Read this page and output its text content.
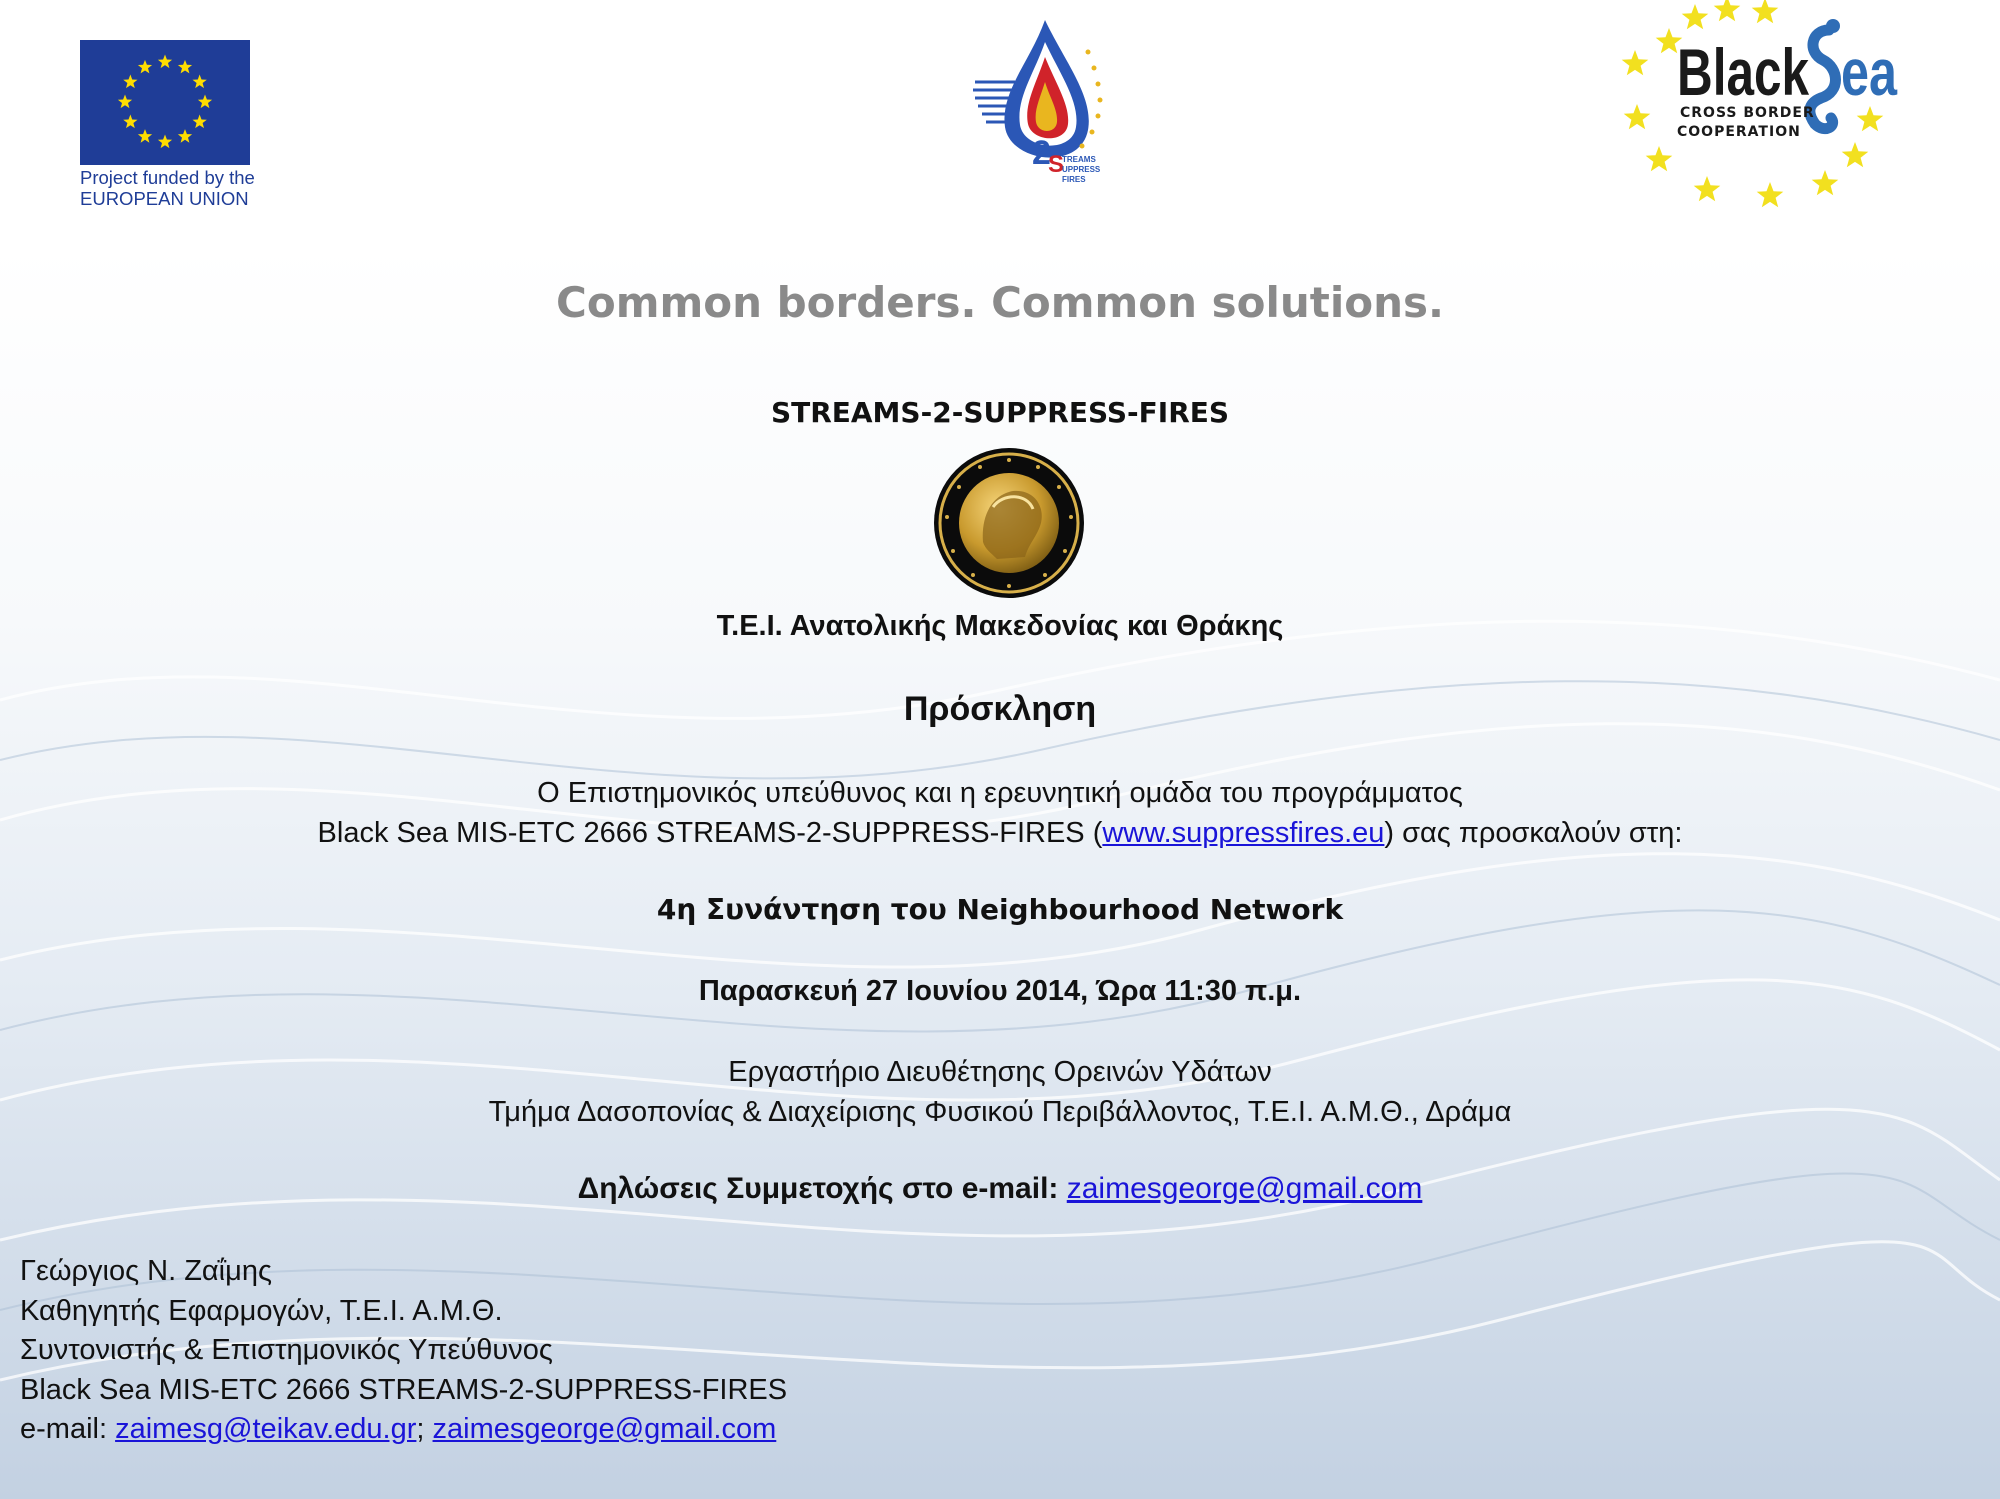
Project funded by the
EUROPEAN UNION
2
S
TREAMS
UPPRESS
FIRES
Black ea
CROSS BORDER
COOPERATION
Common borders. Common solutions.
STREAMS-2-SUPPRESS-FIRES
Τ.Ε.Ι. Ανατολικής Μακεδονίας και Θράκης
Πρόσκληση
Ο Επιστημονικός υπεύθυνος και η ερευνητική ομάδα του προγράμματος
Black Sea MIS-ETC 2666 STREAMS-2-SUPPRESS-FIRES (www.suppressfires.eu) σας προσκαλούν στη:
4η Συνάντηση του Neighbourhood Network
Παρασκευή 27 Ιουνίου 2014, Ώρα 11:30 π.μ.
Εργαστήριο Διευθέτησης Ορεινών Υδάτων
Τμήμα Δασοπονίας & Διαχείρισης Φυσικού Περιβάλλοντος, Τ.Ε.Ι. Α.Μ.Θ., Δράμα
Δηλώσεις Συμμετοχής στο e-mail: zaimesgeorge@gmail.com
Γεώργιος Ν. Ζαΐμης
Καθηγητής Εφαρμογών, Τ.Ε.Ι. Α.Μ.Θ.
Συντονιστής & Επιστημονικός Υπεύθυνος
Black Sea MIS-ETC 2666 STREAMS-2-SUPPRESS-FIRES
e-mail: zaimesg@teikav.edu.gr; zaimesgeorge@gmail.com
